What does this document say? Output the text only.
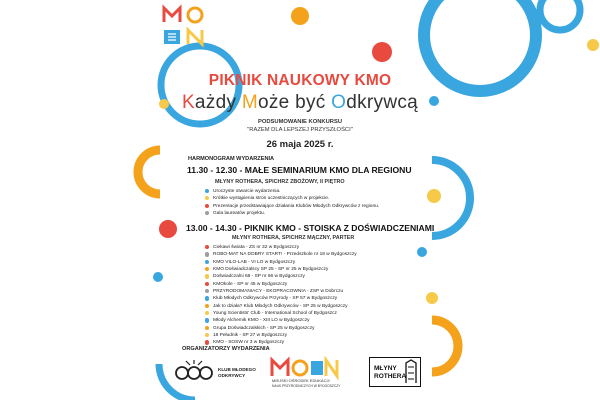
PIKNIK NAUKOWY KMO
Każdy Może być Odkrywcą
PODSUMOWANIE KONKURSU
"RAZEM DLA LEPSZEJ PRZYSZŁOŚCI"
26 maja 2025 r.
HARMONOGRAM WYDARZENIA
11.30 - 12.30 - MAŁE SEMINARIUM KMO DLA REGIONU
MŁYNY ROTHERA, SPICHRZ ZBOŻOWY, II PIĘTRO
Uroczyste otwarcie wydarzenia.
Krótkie wystąpienia stron uczestniczących w projekcie.
Prezentacje przedstawiające działania Klubów Młodych Odkrywców z regionu.
Gala laureatów projektu.
13.00 - 14.30 - PIKNIK KMO - STOISKA Z DOŚWIADCZENIAMI
MŁYNY ROTHERA, SPICHRZ MĄCZNY, PARTER
Ciekawi świata - ZS nr 32 w Bydgoszczy
ROBO-MAT NA DOBRY START! - Przedszkole nr 18 w Bydgoszczy
KMO VILO-LAB - VI LO w Bydgoszczy
KMO Doświadczalscy SP 25 - SP nr 25 w Bydgoszczy
Doświadczalni 66 - SP nr 66 w Bydgoszczy
KMOkole - SP nr 45 w Bydgoszczy
PRZYRODOMANIACY - EKOPRACOWNIA - ZSP w Dobrczu
Klub Młodych Odkrywców Przyrody - SP 57 w Bydgoszczy
Jak to działa? Klub Młodych Odkrywców - SP 25 w Bydgoszczy
Young Scientists' Club - International School of Bydgoszcz
Młody Alchemik KMO - XIII LO w Bydgoszczy
Grupa Doświadczalskich - SP 25 w Bydgoszczy
18 Pełudnik - SP 27 w Bydgoszczy
KMO - SOSW nr 3 w Bydgoszczy
ORGANIZATORZY WYDARZENIA
KLUB MŁODEGO
ODKRYWCY
MIEJSKI OŚRODEK EDUKACJI
NAUK PRZYRODNICZYCH W BYDGOSZCZY
MŁYNY
ROTHERA
